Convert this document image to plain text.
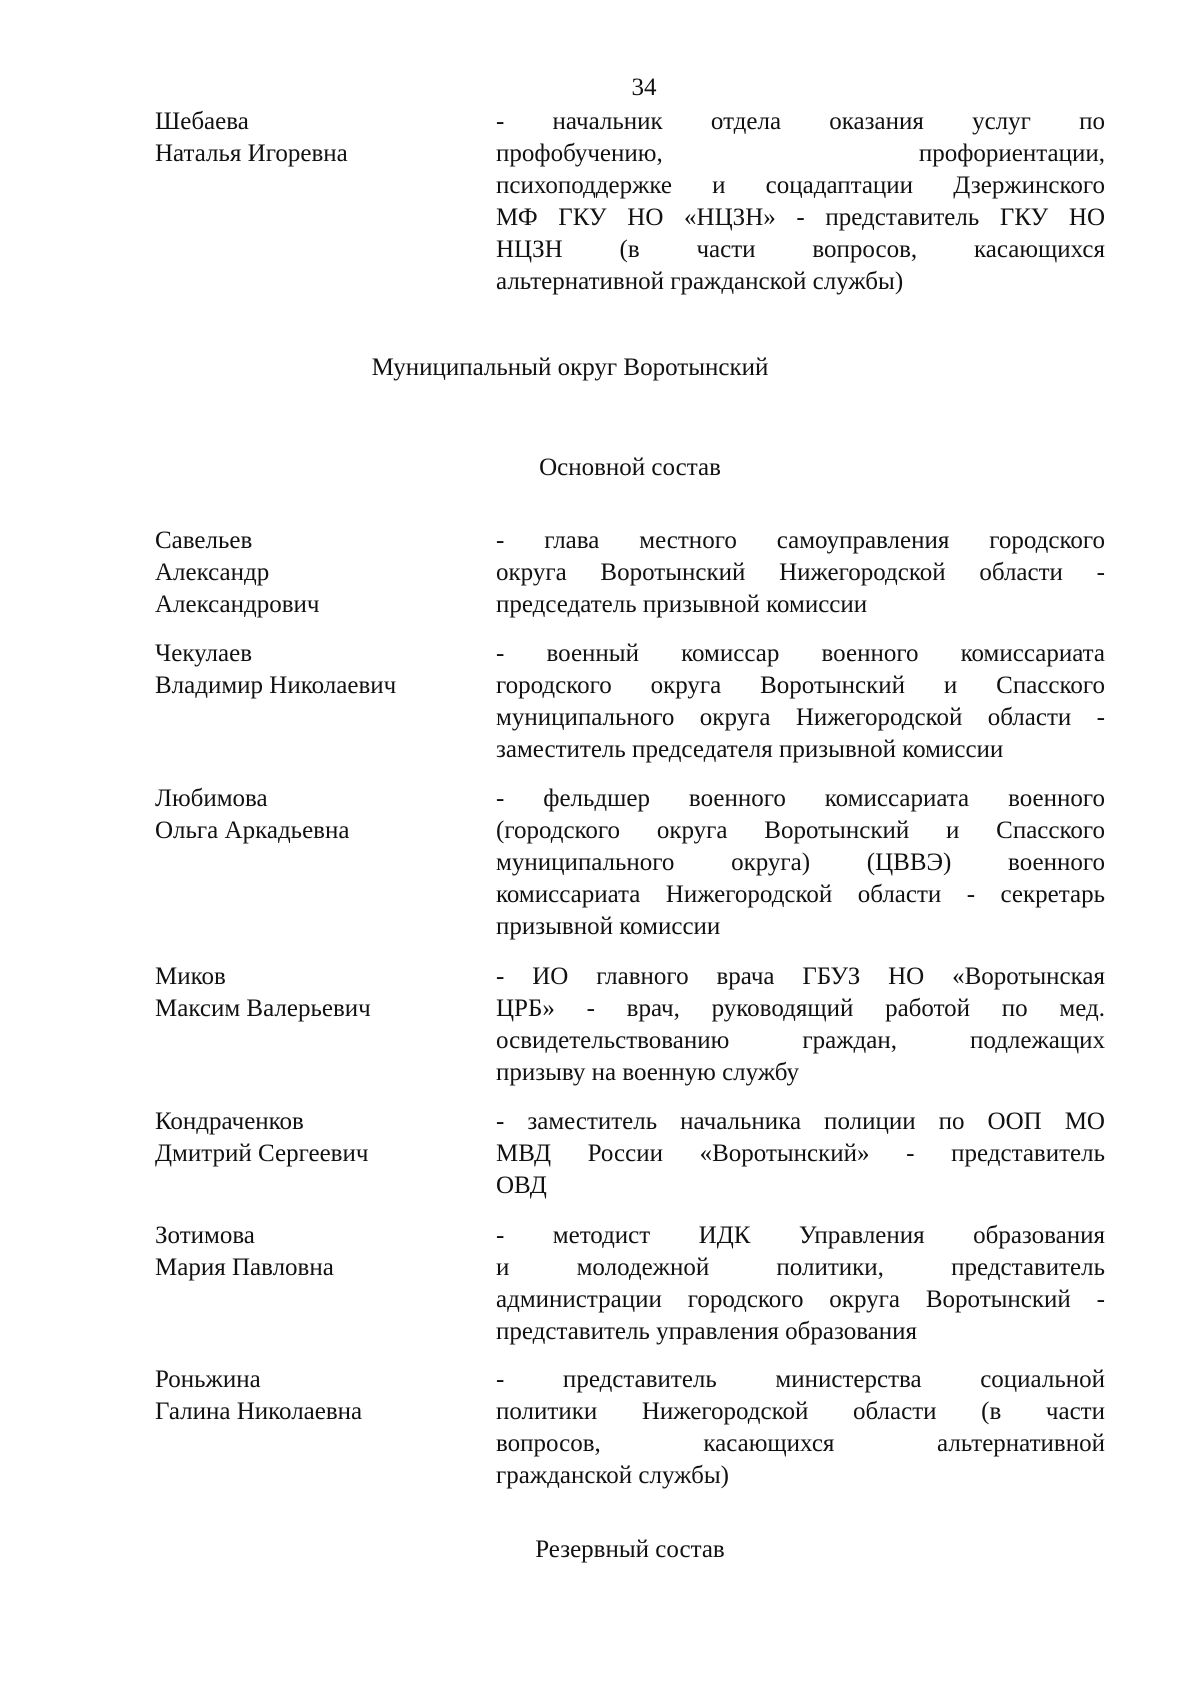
34
Шебаева
Наталья Игоревна
- начальник отдела оказания услуг по
профобучению, профориентации,
психоподдержке и соцадаптации Дзержинского
МФ ГКУ НО «НЦЗН» - представитель ГКУ НО
НЦЗН (в части вопросов, касающихся
альтернативной гражданской службы)
Муниципальный округ Воротынский
Основной состав
Савельев
Александр
Александрович
- глава местного самоуправления городского
округа Воротынский Нижегородской области -
председатель призывной комиссии
Чекулаев
Владимир Николаевич
- военный комиссар военного комиссариата
городского округа Воротынский и Спасского
муниципального округа Нижегородской области -
заместитель председателя призывной комиссии
Любимова
Ольга Аркадьевна
- фельдшер военного комиссариата военного
(городского округа Воротынский и Спасского
муниципального округа) (ЦВВЭ) военного
комиссариата Нижегородской области - секретарь
призывной комиссии
Миков
Максим Валерьевич
- ИО главного врача ГБУЗ НО «Воротынская
ЦРБ» - врач, руководящий работой по мед.
освидетельствованию граждан, подлежащих
призыву на военную службу
Кондраченков
Дмитрий Сергеевич
- заместитель начальника полиции по ООП МО
МВД России «Воротынский» - представитель
ОВД
Зотимова
Мария Павловна
- методист ИДК Управления образования
и молодежной политики, представитель
администрации городского округа Воротынский -
представитель управления образования
Роньжина
Галина Николаевна
- представитель министерства социальной
политики Нижегородской области (в части
вопросов, касающихся альтернативной
гражданской службы)
Резервный состав
